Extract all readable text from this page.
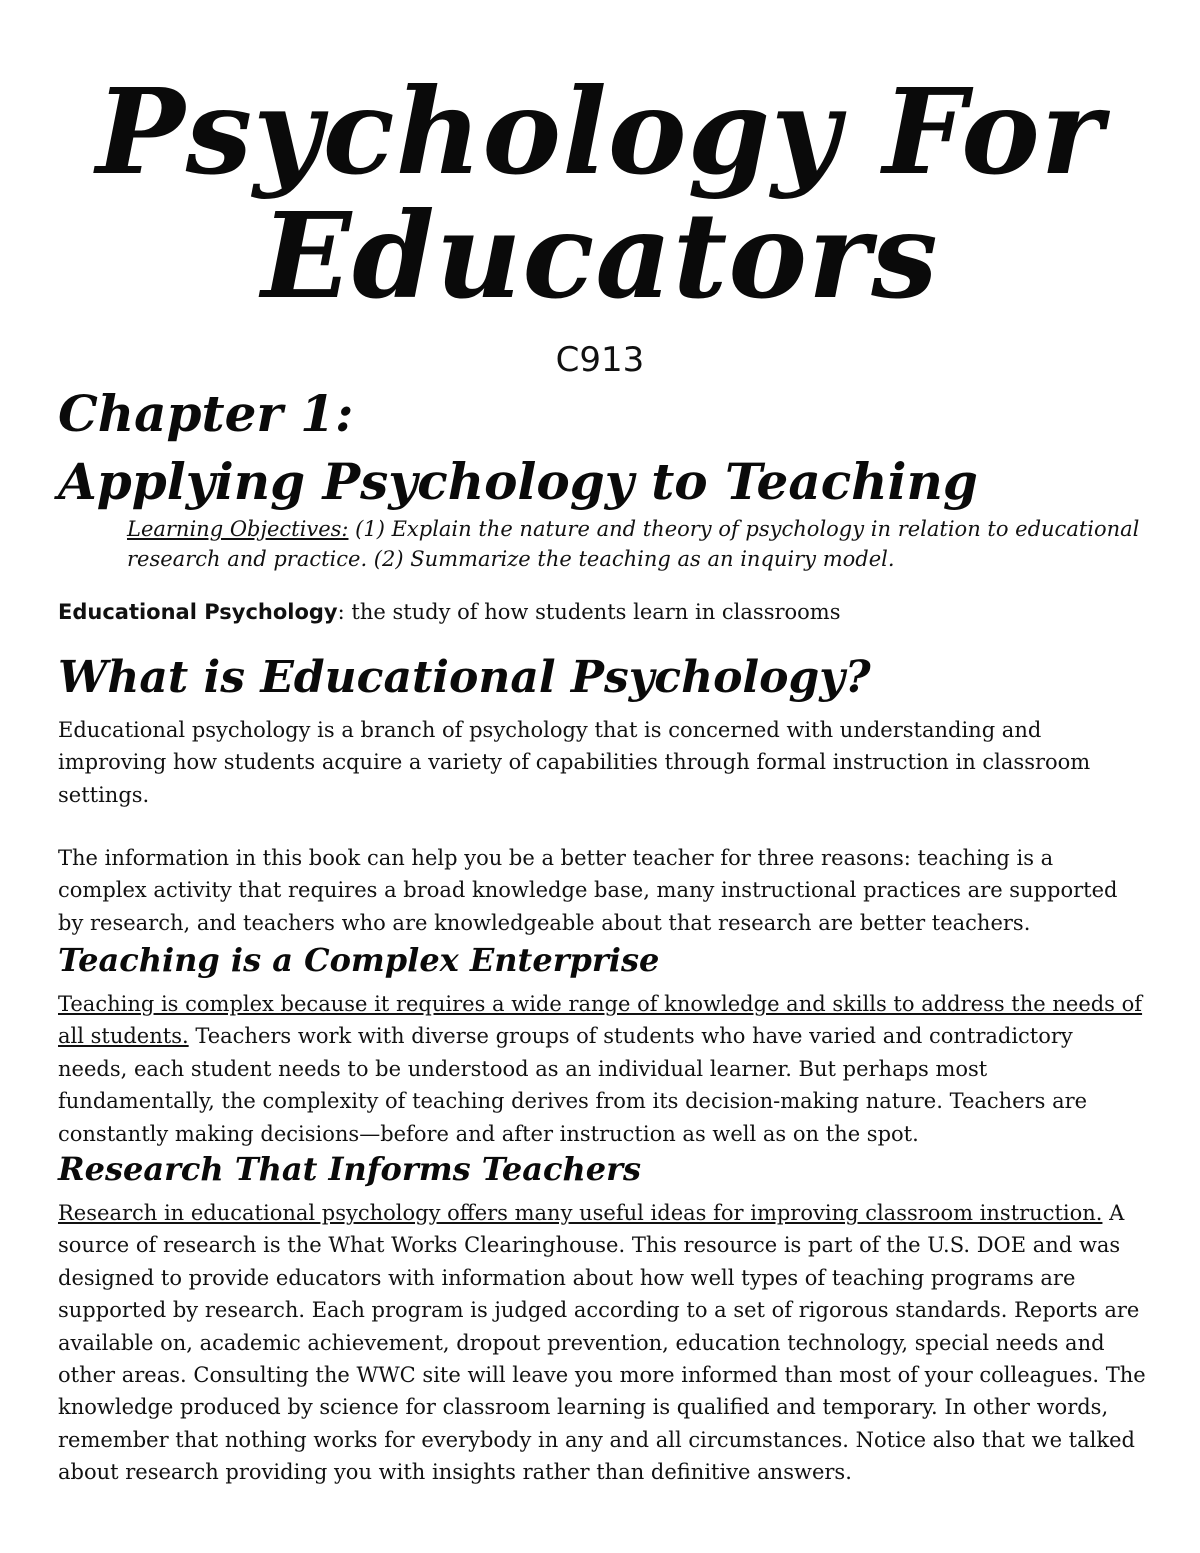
Psychology For
Educators
C913
Chapter 1:
Applying Psychology to Teaching
Learning Objectives: (1) Explain the nature and theory of psychology in relation to educational research and practice. (2) Summarize the teaching as an inquiry model.
Educational Psychology: the study of how students learn in classrooms
What is Educational Psychology?
Educational psychology is a branch of psychology that is concerned with understanding and improving how students acquire a variety of capabilities through formal instruction in classroom settings.
The information in this book can help you be a better teacher for three reasons: teaching is a complex activity that requires a broad knowledge base, many instructional practices are supported by research, and teachers who are knowledgeable about that research are better teachers.
Teaching is a Complex Enterprise
Teaching is complex because it requires a wide range of knowledge and skills to address the needs of all students. Teachers work with diverse groups of students who have varied and contradictory needs, each student needs to be understood as an individual learner. But perhaps most fundamentally, the complexity of teaching derives from its decision-making nature. Teachers are constantly making decisions—before and after instruction as well as on the spot.
Research That Informs Teachers
Research in educational psychology offers many useful ideas for improving classroom instruction. A source of research is the What Works Clearinghouse. This resource is part of the U.S. DOE and was designed to provide educators with information about how well types of teaching programs are supported by research. Each program is judged according to a set of rigorous standards. Reports are available on, academic achievement, dropout prevention, education technology, special needs and other areas. Consulting the WWC site will leave you more informed than most of your colleagues. The knowledge produced by science for classroom learning is qualified and temporary. In other words, remember that nothing works for everybody in any and all circumstances. Notice also that we talked about research providing you with insights rather than definitive answers.
